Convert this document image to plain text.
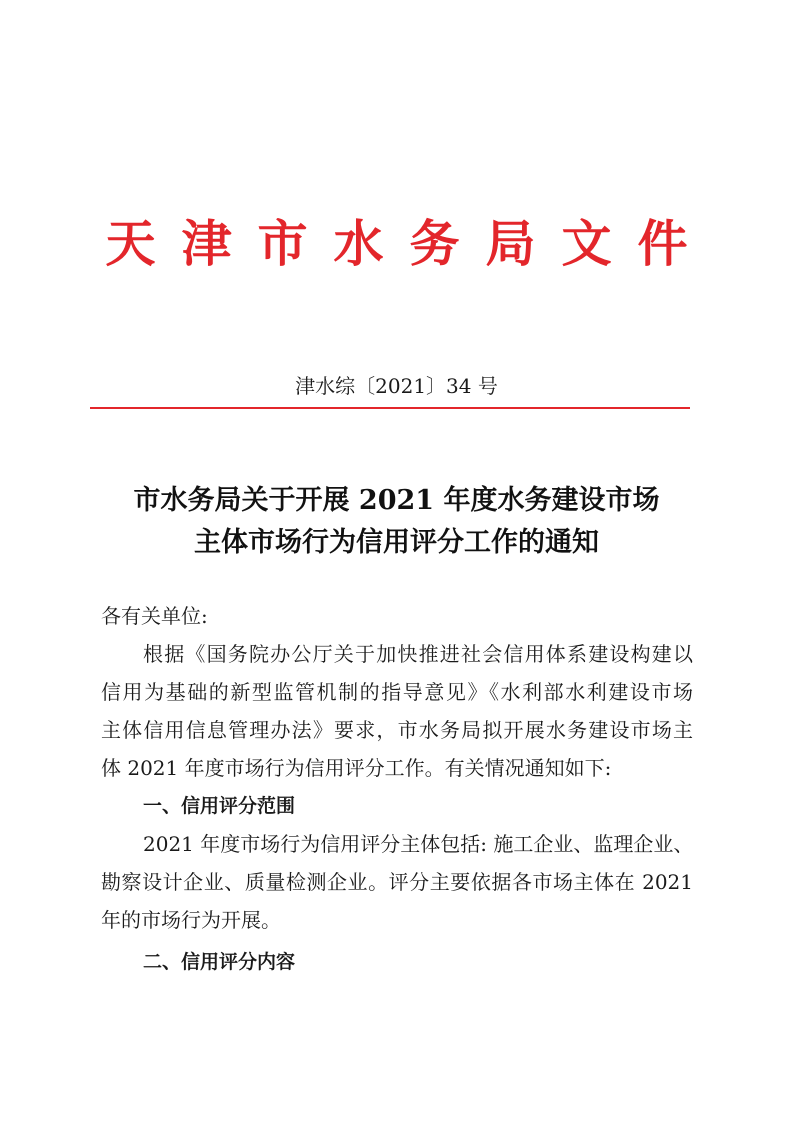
天津市水务局文件
津水综〔2021〕34 号
市水务局关于开展 2021 年度水务建设市场
主体市场行为信用评分工作的通知
各有关单位:
根据《国务院办公厅关于加快推进社会信用体系建设构建以
信用为基础的新型监管机制的指导意见》《水利部水利建设市场
主体信用信息管理办法》要求，市水务局拟开展水务建设市场主
体 2021 年度市场行为信用评分工作。有关情况通知如下:
一、信用评分范围
2021 年度市场行为信用评分主体包括: 施工企业、监理企业、
勘察设计企业、质量检测企业。评分主要依据各市场主体在 2021
年的市场行为开展。
二、信用评分内容
